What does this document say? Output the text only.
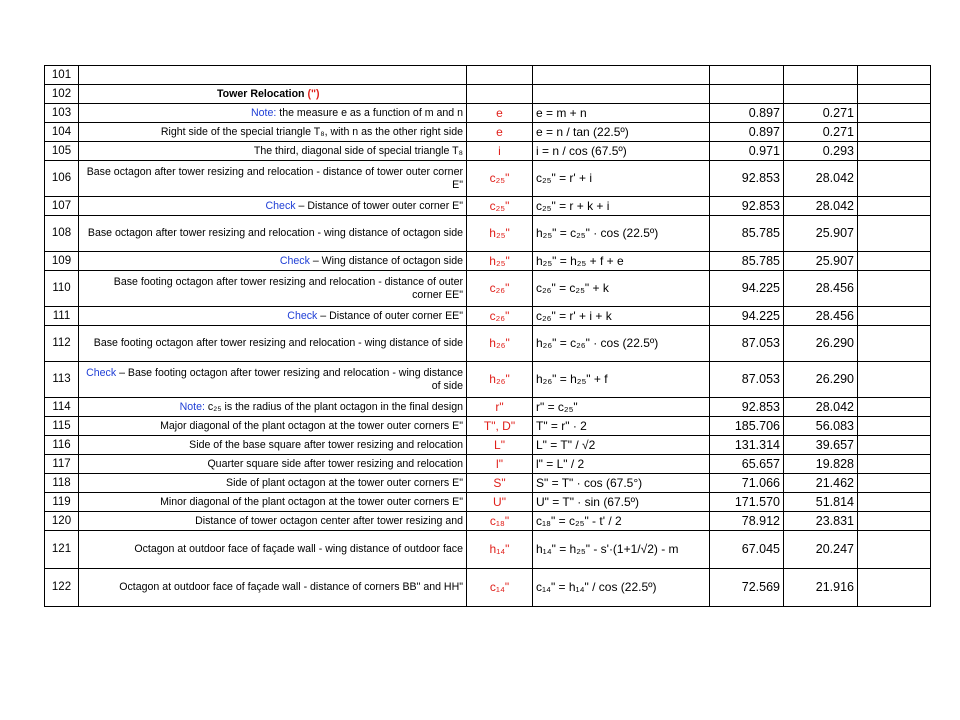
101						
102	Tower Relocation (")					
103	Note: the measure e as a function of m and n	e	e = m + n	0.897	0.271	
104	Right side of the special triangle T₈, with n as the other right side	e	e = n / tan (22.5º)	0.897	0.271	
105	The third, diagonal side of special triangle T₈	i	i = n / cos (67.5º)	0.971	0.293	
106	Base octagon after tower resizing and relocation - distance of tower outer corner E"	c₂₅"	c₂₅" = r' + i	92.853	28.042	
107	Check – Distance of tower outer corner E"	c₂₅"	c₂₅" = r + k + i	92.853	28.042	
108	Base octagon after tower resizing and relocation - wing distance of octagon side	h₂₅"	h₂₅" = c₂₅" · cos (22.5º)	85.785	25.907	
109	Check – Wing distance of octagon side	h₂₅"	h₂₅" = h₂₅ + f + e	85.785	25.907	
110	Base footing octagon after tower resizing and relocation - distance of outer corner EE"	c₂₆"	c₂₆" = c₂₅" + k	94.225	28.456	
111	Check – Distance of outer corner EE"	c₂₆"	c₂₆" = r' + i + k	94.225	28.456	
112	Base footing octagon after tower resizing and relocation - wing distance of side	h₂₆"	h₂₆" = c₂₆" · cos (22.5º)	87.053	26.290	
113	Check – Base footing octagon after tower resizing and relocation - wing distance of side	h₂₆"	h₂₆" = h₂₅" + f	87.053	26.290	
114	Note: c₂₅ is the radius of the plant octagon in the final design	r"	r" = c₂₅"	92.853	28.042	
115	Major diagonal of the plant octagon at the tower outer corners E"	T", D"	T" = r" · 2	185.706	56.083	
116	Side of the base square after tower resizing and relocation	L"	L" = T" / √2	131.314	39.657	
117	Quarter square side after tower resizing and relocation	l"	l" = L" / 2	65.657	19.828	
118	Side of plant octagon at the tower outer corners E"	S"	S" = T" · cos (67.5°)	71.066	21.462	
119	Minor diagonal of the plant octagon at the tower outer corners E"	U"	U" = T" · sin (67.5º)	171.570	51.814	
120	Distance of tower octagon center after tower resizing and	c₁₈"	c₁₈" = c₂₅" - t' / 2	78.912	23.831	
121	Octagon at outdoor face of façade wall - wing distance of outdoor face	h₁₄"	h₁₄" = h₂₅" - s'·(1+1/√2) - m	67.045	20.247	
122	Octagon at outdoor face of façade wall - distance of corners BB" and HH"	c₁₄"	c₁₄" = h₁₄" / cos (22.5º)	72.569	21.916	
